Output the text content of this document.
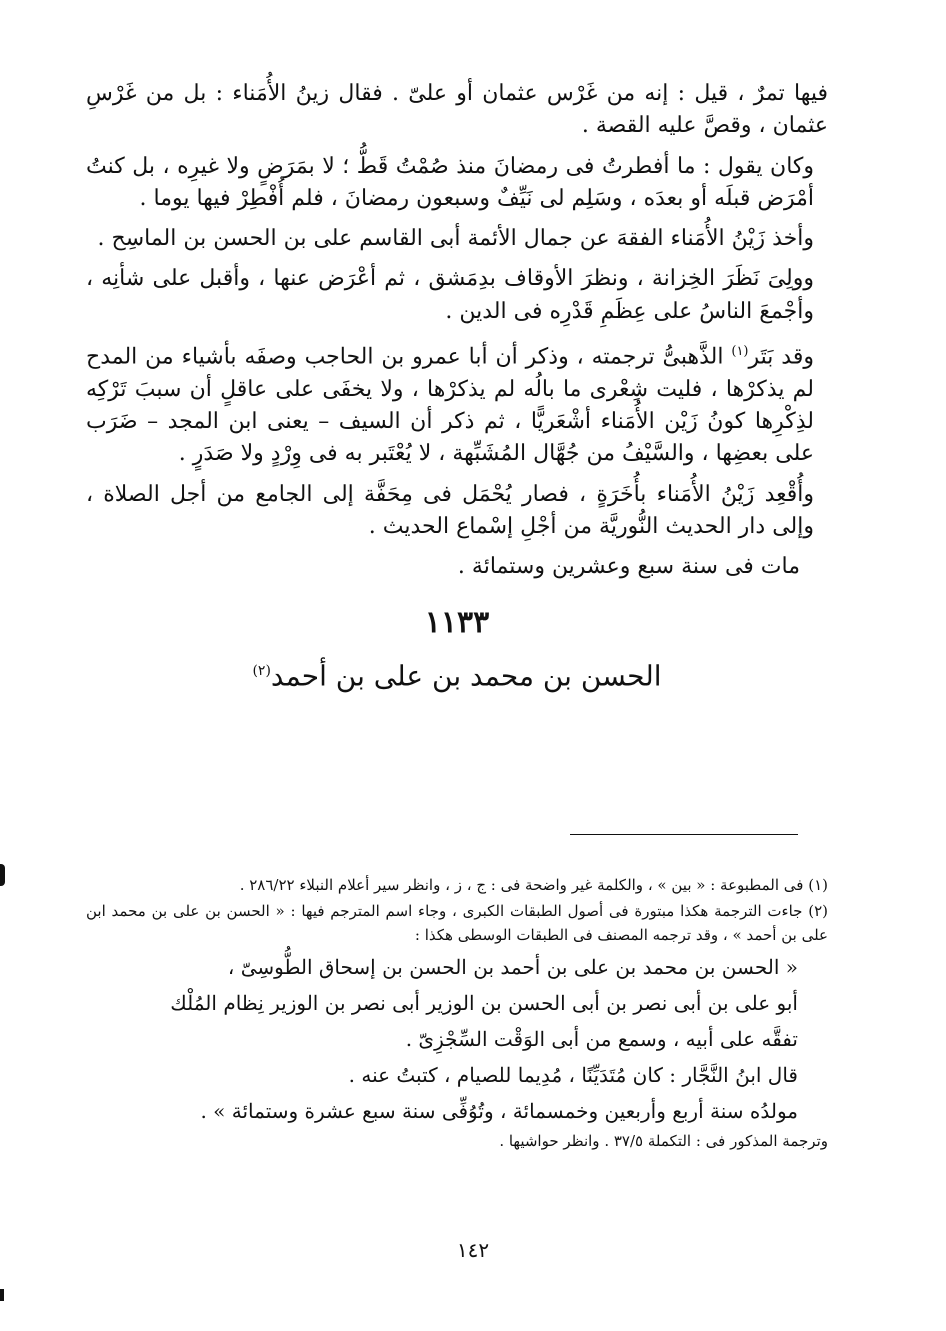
فيها تمرٌ ، قيل : إنه من غَرْس عثمان أو علىّ . فقال زينُ الأُمَناء : بل من غَرْسِ عثمان ، وقصَّ عليه القصة .

وكان يقول : ما أفطرتُ فى رمضانَ منذ صُمْتُ قَطُّ ؛ لا بمَرَضٍ ولا غيرِه ، بل كنتُ أمْرَض قبلَه أو بعدَه ، وسَلِم لى نَيِّفٌ وسبعون رمضانَ ، فلم أُفْطِرْ فيها يوما .

وأخذ زَيْنُ الأُمَناء الفقهَ عن جمال الأئمة أبى القاسم على بن الحسن بن الماسِح .

وولِىَ نَظَرَ الخِزانة ، ونظرَ الأوقاف بدِمَشق ، ثم أعْرَض عنها ، وأقبل على شأنِه ، وأجْمعَ الناسُ على عِظَمِ قَدْرِه فى الدين .

وقد بَتَر$^{(١)}$ الذَّهبىُّ ترجمته ، وذكر أن أبا عمرو بن الحاجب وصفَه بأشياء من المدح لم يذكرْها ، فليت شِعْرى ما بالُه لم يذكرْها ، ولا يخفَى على عاقلٍ أن سببَ تَرْكِه لذِكْرِها كونُ زَيْن الأُمَناء أشْعَريًّا ، ثم ذكر أن السيف – يعنى ابن المجد – ضَرَب على بعضِها ، والسَّيْفُ من جُهَّال المُشَبِّهة ، لا يُعْتَبر به فى وِرْدٍ ولا صَدَرٍ .

وأُقْعِد زَيْنُ الأُمَناء بأُخَرَةٍ ، فصار يُحْمَل فى مِحَفَّة إلى الجامع من أجل الصلاة ، وإلى دار الحديث النُّوريَّة من أجْلِ إسْماع الحديث .

مات فى سنة سبع وعشرين وستمائة .

١١٣٣
الحسن بن محمد بن على بن أحمد$^{(٢)}$

(١) فى المطبوعة : « بين » ، والكلمة غير واضحة فى : ج ، ز ، وانظر سير أعلام النبلاء ٢٨٦/٢٢ .

(٢) جاءت الترجمة هكذا مبتورة فى أصول الطبقات الكبرى ، وجاء اسم المترجم فيها : « الحسن بن على بن محمد ابن على بن أحمد » ، وقد ترجمه المصنف فى الطبقات الوسطى هكذا :

« الحسن بن محمد بن على بن أحمد بن الحسن بن إسحاق الطُّوسِىّ ،

أبو على بن أبى نصر بن أبى الحسن بن الوزير أبى نصر بن الوزير نِظام المُلْك

تفقَّه على أبيه ، وسمع من أبى الوَقْت السِّجْزِىّ .

قال ابنُ النَّجَّار : كان مُتَدَيِّنًا ، مُدِيما للصيام ، كتبتُ عنه .

مولدُه سنة أربع وأربعين وخمسمائة ، وتُوُفِّى سنة سبع عشرة وستمائة » .

وترجمة المذكور فى : التكملة ٣٧/٥ . وانظر حواشيها .

١٤٢
